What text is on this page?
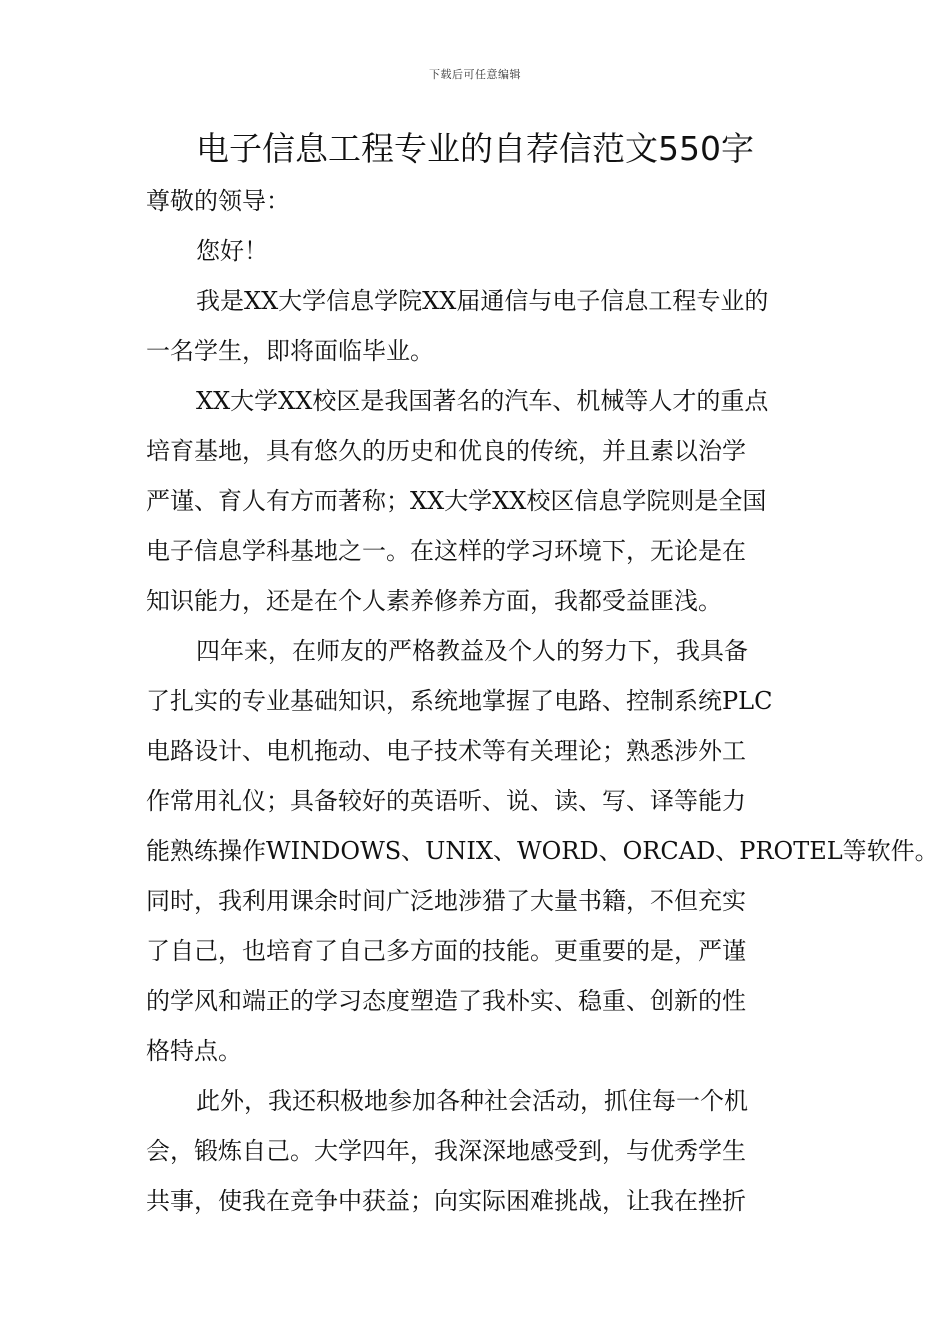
下载后可任意编辑
电子信息工程专业的自荐信范文550字
尊敬的领导：
您好！
我是XX大学信息学院XX届通信与电子信息工程专业的
一名学生，即将面临毕业。
XX大学XX校区是我国著名的汽车、机械等人才的重点
培育基地，具有悠久的历史和优良的传统，并且素以治学
严谨、育人有方而著称；XX大学XX校区信息学院则是全国
电子信息学科基地之一。在这样的学习环境下，无论是在
知识能力，还是在个人素养修养方面，我都受益匪浅。
四年来，在师友的严格教益及个人的努力下，我具备
了扎实的专业基础知识，系统地掌握了电路、控制系统PLC
电路设计、电机拖动、电子技术等有关理论；熟悉涉外工
作常用礼仪；具备较好的英语听、说、读、写、译等能力
能熟练操作WINDOWS、UNIX、WORD、ORCAD、PROTEL等软件。
同时，我利用课余时间广泛地涉猎了大量书籍，不但充实
了自己，也培育了自己多方面的技能。更重要的是，严谨
的学风和端正的学习态度塑造了我朴实、稳重、创新的性
格特点。
此外，我还积极地参加各种社会活动，抓住每一个机
会，锻炼自己。大学四年，我深深地感受到，与优秀学生
共事，使我在竞争中获益；向实际困难挑战，让我在挫折
